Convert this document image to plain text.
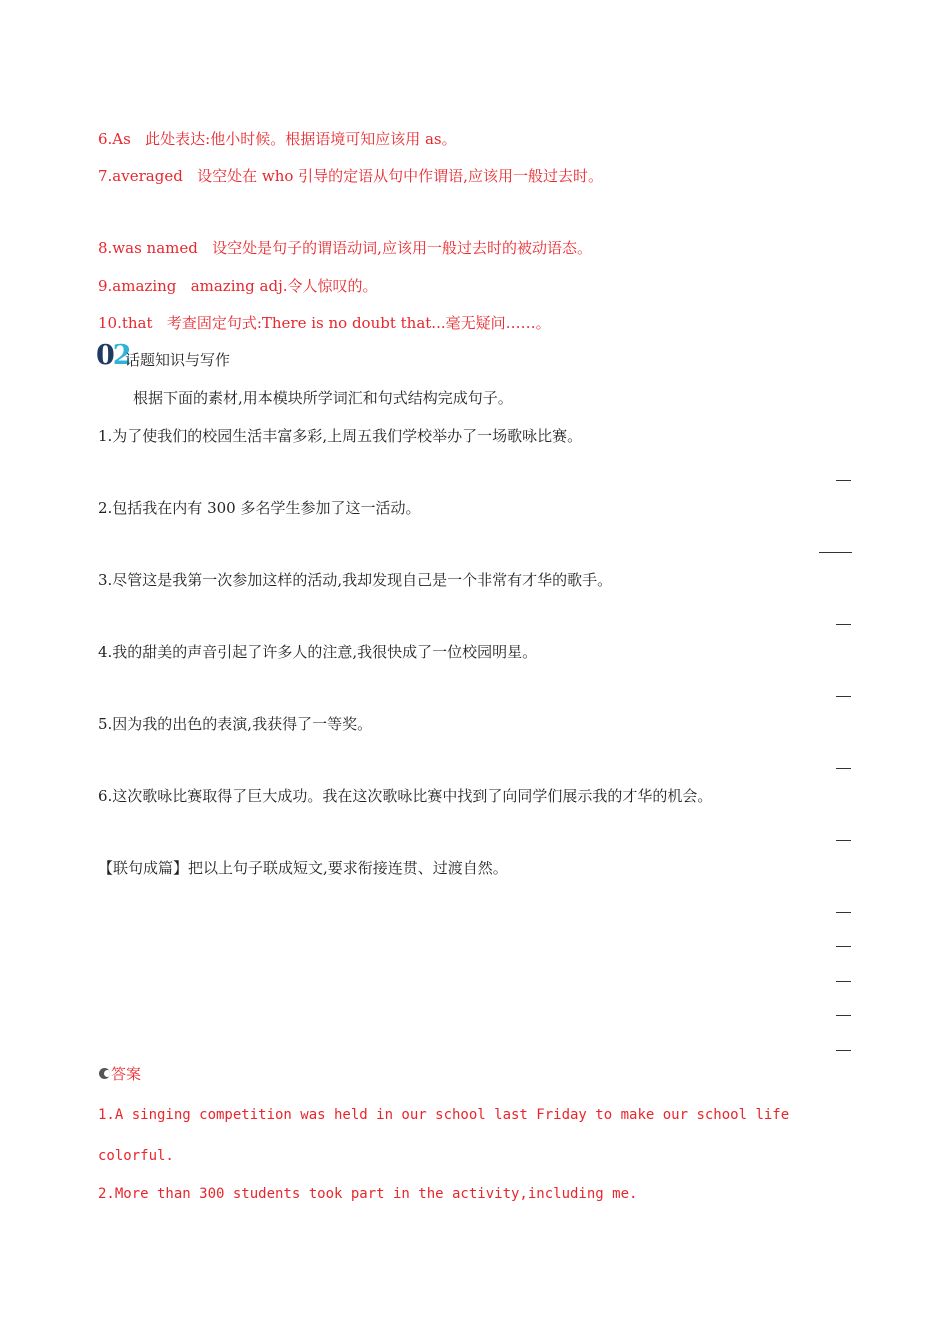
6.As   此处表达:他小时候。根据语境可知应该用 as。
7.averaged   设空处在 who 引导的定语从句中作谓语,应该用一般过去时。
8.was named   设空处是句子的谓语动词,应该用一般过去时的被动语态。
9.amazing   amazing adj.令人惊叹的。
10.that   考查固定句式:There is no doubt that...毫无疑问……。
02
话题知识与写作
根据下面的素材,用本模块所学词汇和句式结构完成句子。
1.为了使我们的校园生活丰富多彩,上周五我们学校举办了一场歌咏比赛。
2.包括我在内有 300 多名学生参加了这一活动。
3.尽管这是我第一次参加这样的活动,我却发现自己是一个非常有才华的歌手。
4.我的甜美的声音引起了许多人的注意,我很快成了一位校园明星。
5.因为我的出色的表演,我获得了一等奖。
6.这次歌咏比赛取得了巨大成功。我在这次歌咏比赛中找到了向同学们展示我的才华的机会。
【联句成篇】把以上句子联成短文,要求衔接连贯、过渡自然。
答案
1.A singing competition was held in our school last Friday to make our school life
colorful.
2.More than 300 students took part in the activity,including me.
